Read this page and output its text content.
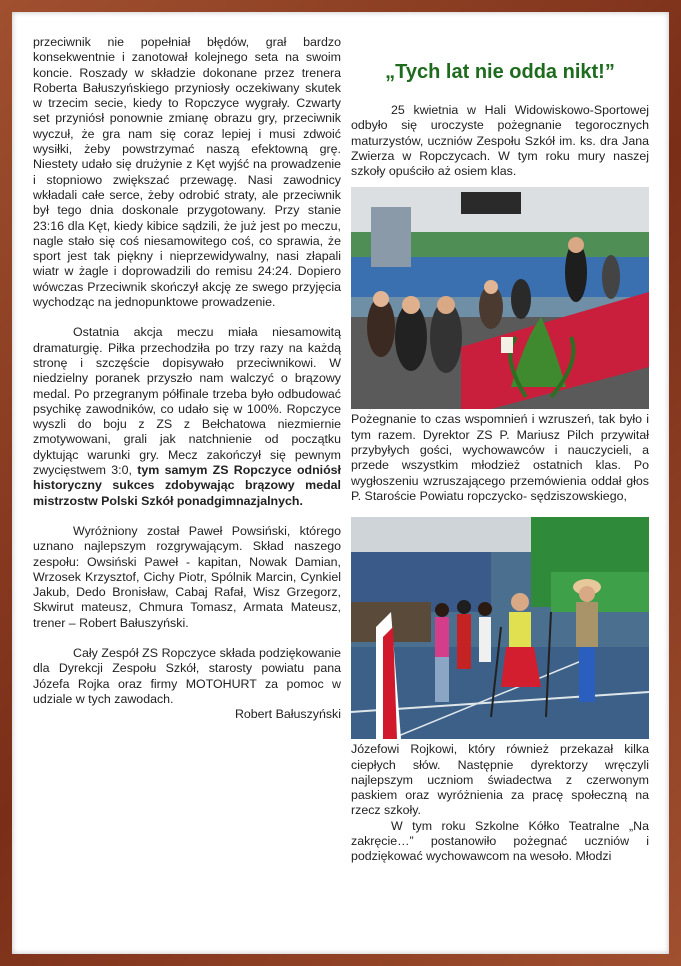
przeciwnik nie popełniał błędów, grał bardzo konsekwentnie i zanotował kolejnego seta na swoim koncie. Roszady w składzie dokonane przez trenera Roberta Bałuszyńskiego przyniosły oczekiwany skutek w trzecim secie, kiedy to Ropczyce wygrały. Czwarty set przyniósł ponownie zmianę obrazu gry, przeciwnik wyczuł, że gra nam się coraz lepiej i musi zdwoić wysiłki, żeby powstrzymać naszą efektowną grę. Niestety udało się drużynie z Kęt wyjść na prowadzenie i stopniowo zwiększać przewagę. Nasi zawodnicy wkładali całe serce, żeby odrobić straty, ale przeciwnik był tego dnia doskonale przygotowany. Przy stanie 23:16 dla Kęt, kiedy kibice sądzili, że już jest po meczu, nagle stało się coś niesamowitego coś, co sprawia, że sport jest tak piękny i nieprzewidywalny, nasi złapali wiatr w żagle i doprowadzili do remisu 24:24. Dopiero wówczas Przeciwnik skończył akcję ze swego przyjęcia wychodząc na jednopunktowe prowadzenie.

Ostatnia akcja meczu miała niesamowitą dramaturgię. Piłka przechodziła po trzy razy na każdą stronę i szczęście dopisywało przeciwnikowi. W niedzielny poranek przyszło nam walczyć o brązowy medal. Po przegranym półfinale trzeba było odbudować psychikę zawodników, co udało się w 100%. Ropczyce wyszli do boju z ZS z Bełchatowa niezmiernie zmotywowani, grali jak natchnienie od początku dyktując warunki gry. Mecz zakończył się pewnym zwycięstwem 3:0, tym samym ZS Ropczyce odniósł historyczny sukces zdobywając brązowy medal mistrzostw Polski Szkół ponadgimnazjalnych.

Wyróżniony został Paweł Powsiński, którego uznano najlepszym rozgrywającym. Skład naszego zespołu: Owsiński Paweł - kapitan, Nowak Damian, Wrzosek Krzysztof, Cichy Piotr, Spólnik Marcin, Cynkiel Jakub, Dedo Bronisław, Cabaj Rafał, Wisz Grzegorz, Skwirut mateusz, Chmura Tomasz, Armata Mateusz, trener – Robert Bałuszyński.

Cały Zespół ZS Ropczyce składa podziękowanie dla Dyrekcji Zespołu Szkół, starosty powiatu pana Józefa Rojka oraz firmy MOTOHURT za pomoc w udziale w tych zawodach.

Robert Bałuszyński

„Tych lat nie odda nikt!”

25 kwietnia w Hali Widowiskowo-Sportowej odbyło się uroczyste pożegnanie tegorocznych maturzystów, uczniów Zespołu Szkół im. ks. dra Jana Zwierza w Ropczycach. W tym roku mury naszej szkoły opuściło aż osiem klas.

Pożegnanie to czas wspomnień i wzruszeń, tak było i tym razem. Dyrektor ZS P. Mariusz Pilch przywitał przybyłych gości, wychowawców i nauczycieli, a przede wszystkim młodzież ostatnich klas. Po wygłoszeniu wzruszającego przemówienia oddał głos P. Staroście Powiatu ropczycko- sędziszowskiego,

Józefowi Rojkowi, który również przekazał kilka ciepłych słów. Następnie dyrektorzy wręczyli najlepszym uczniom świadectwa z czerwonym paskiem oraz wyróżnienia za pracę społeczną na rzecz szkoły.

W tym roku Szkolne Kółko Teatralne „Na zakręcie…” postanowiło pożegnać uczniów i podziękować wychowawcom na wesoło. Młodzi
